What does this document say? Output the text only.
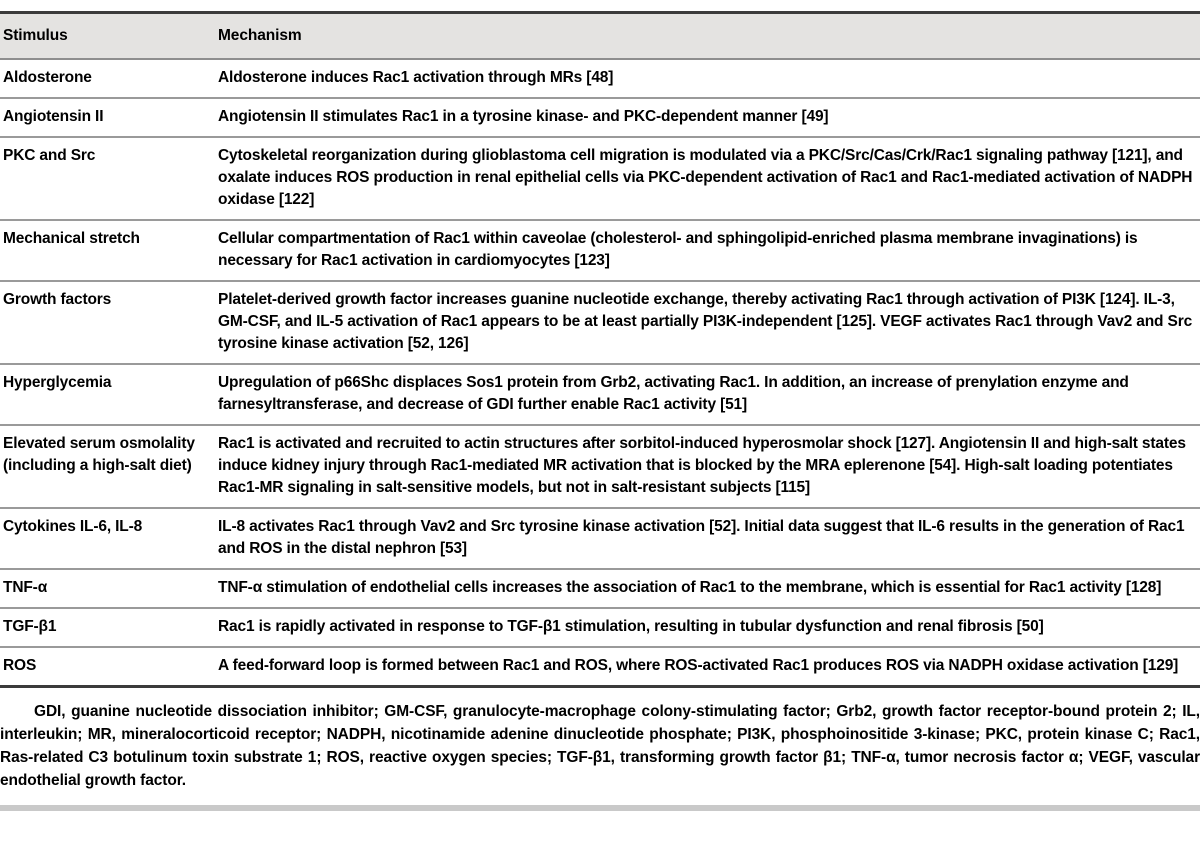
Stimulus	Mechanism
Aldosterone	Aldosterone induces Rac1 activation through MRs [48]
Angiotensin II	Angiotensin II stimulates Rac1 in a tyrosine kinase- and PKC-dependent manner [49]
PKC and Src	Cytoskeletal reorganization during glioblastoma cell migration is modulated via a PKC/Src/Cas/Crk/Rac1 signaling pathway [121], and oxalate induces ROS production in renal epithelial cells via PKC-dependent activation of Rac1 and Rac1-mediated activation of NADPH oxidase [122]
Mechanical stretch	Cellular compartmentation of Rac1 within caveolae (cholesterol- and sphingolipid-enriched plasma membrane invaginations) is necessary for Rac1 activation in cardiomyocytes [123]
Growth factors	Platelet-derived growth factor increases guanine nucleotide exchange, thereby activating Rac1 through activation of PI3K [124]. IL-3, GM-CSF, and IL-5 activation of Rac1 appears to be at least partially PI3K-independent [125]. VEGF activates Rac1 through Vav2 and Src tyrosine kinase activation [52, 126]
Hyperglycemia	Upregulation of p66Shc displaces Sos1 protein from Grb2, activating Rac1. In addition, an increase of prenylation enzyme and farnesyltransferase, and decrease of GDI further enable Rac1 activity [51]
Elevated serum osmolality (including a high-salt diet)	Rac1 is activated and recruited to actin structures after sorbitol-induced hyperosmolar shock [127]. Angiotensin II and high-salt states induce kidney injury through Rac1-mediated MR activation that is blocked by the MRA eplerenone [54]. High-salt loading potentiates Rac1-MR signaling in salt-sensitive models, but not in salt-resistant subjects [115]
Cytokines IL-6, IL-8	IL-8 activates Rac1 through Vav2 and Src tyrosine kinase activation [52]. Initial data suggest that IL-6 results in the generation of Rac1 and ROS in the distal nephron [53]
TNF-α	TNF-α stimulation of endothelial cells increases the association of Rac1 to the membrane, which is essential for Rac1 activity [128]
TGF-β1	Rac1 is rapidly activated in response to TGF-β1 stimulation, resulting in tubular dysfunction and renal fibrosis [50]
ROS	A feed-forward loop is formed between Rac1 and ROS, where ROS-activated Rac1 produces ROS via NADPH oxidase activation [129]
GDI, guanine nucleotide dissociation inhibitor; GM-CSF, granulocyte-macrophage colony-stimulating factor; Grb2, growth factor receptor-bound protein 2; IL, interleukin; MR, mineralocorticoid receptor; NADPH, nicotinamide adenine dinucleotide phosphate; PI3K, phosphoinositide 3-kinase; PKC, protein kinase C; Rac1, Ras-related C3 botulinum toxin substrate 1; ROS, reactive oxygen species; TGF-β1, transforming growth factor β1; TNF-α, tumor necrosis factor α; VEGF, vascular endothelial growth factor.
